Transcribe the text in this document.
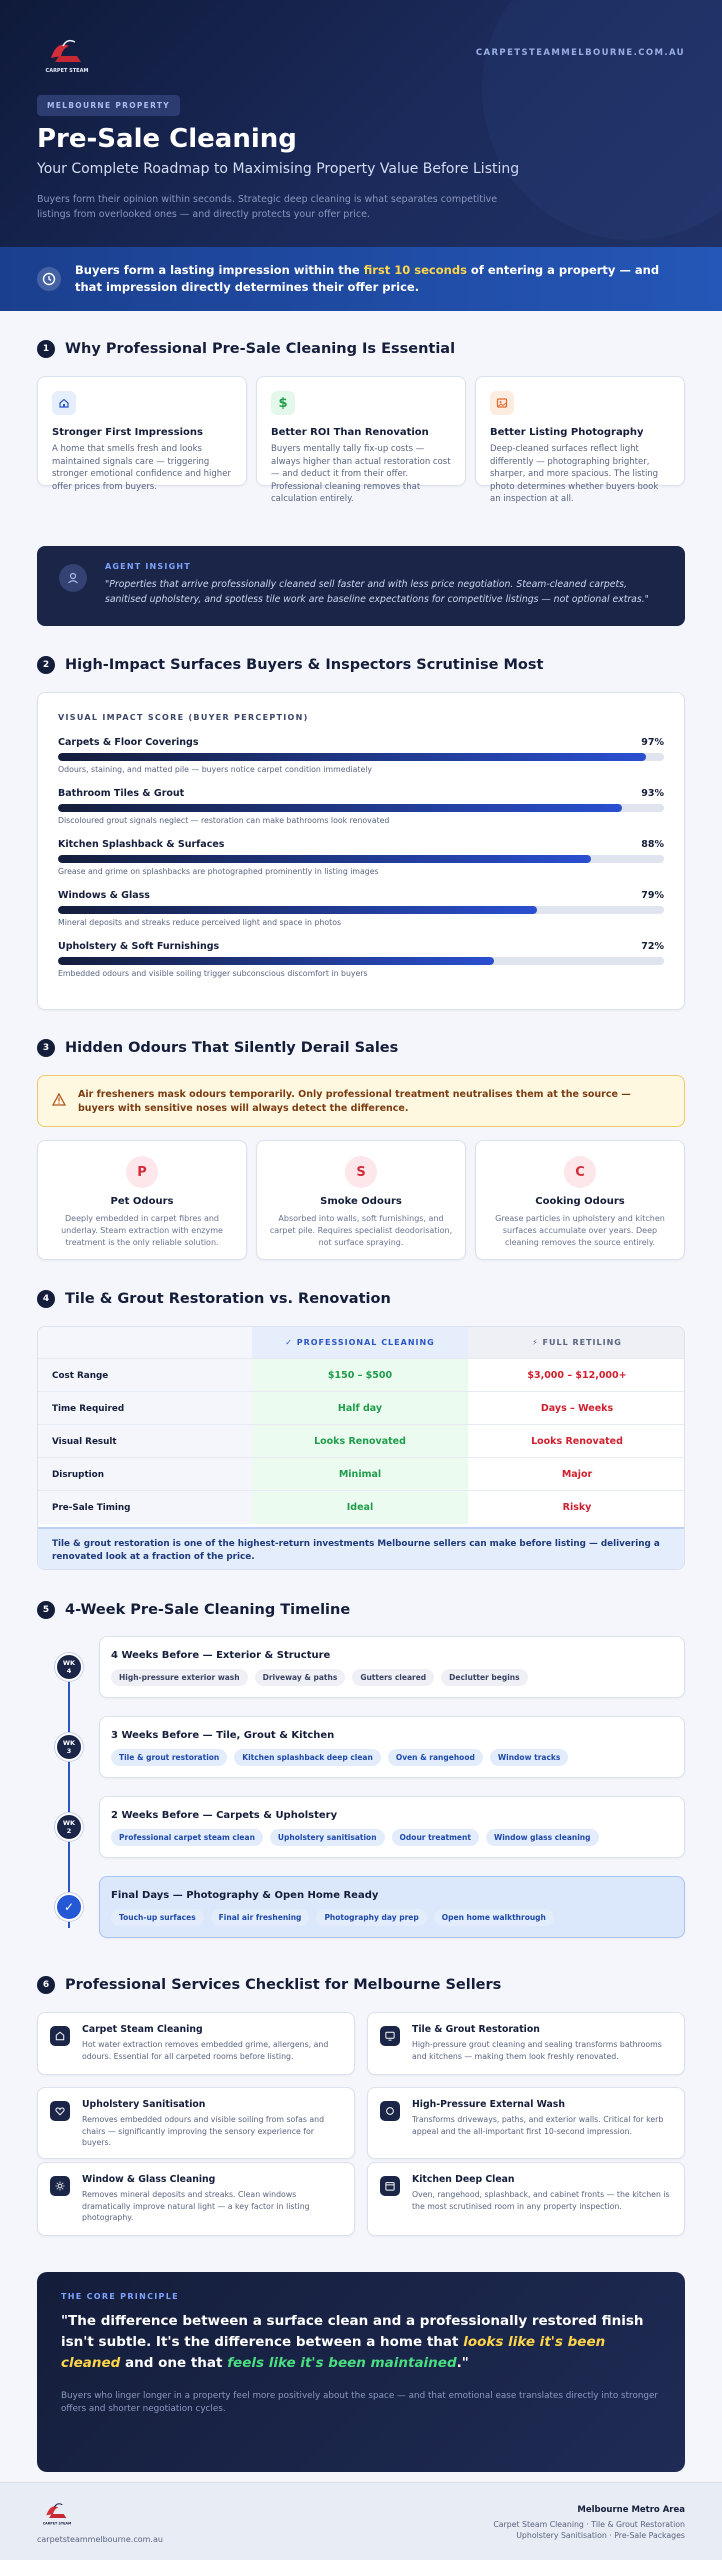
CARPET STEAM
CARPETSTEAMMELBOURNE.COM.AU
MELBOURNE PROPERTY
Pre-Sale Cleaning
Your Complete Roadmap to Maximising Property Value Before Listing
Buyers form their opinion within seconds. Strategic deep cleaning is what separates competitive listings from overlooked ones — and directly protects your offer price.
Buyers form a lasting impression within the first 10 seconds of entering a property — and that impression directly determines their offer price.
1	Why Professional Pre-Sale Cleaning Is Essential
Stronger First Impressions

A home that smells fresh and looks maintained signals care — triggering stronger emotional confidence and higher offer prices from buyers.

$
Better ROI Than Renovation

Buyers mentally tally fix-up costs — always higher than actual restoration cost — and deduct it from their offer. Professional cleaning removes that calculation entirely.

Better Listing Photography

Deep-cleaned surfaces reflect light differently — photographing brighter, sharper, and more spacious. The listing photo determines whether buyers book an inspection at all.

AGENT INSIGHT
"Properties that arrive professionally cleaned sell faster and with less price negotiation. Steam-cleaned carpets, sanitised upholstery, and spotless tile work are baseline expectations for competitive listings — not optional extras."
2	High-Impact Surfaces Buyers & Inspectors Scrutinise Most
VISUAL IMPACT SCORE (BUYER PERCEPTION)
Carpets & Floor Coverings	97%
Odours, staining, and matted pile — buyers notice carpet condition immediately
Bathroom Tiles & Grout	93%
Discoloured grout signals neglect — restoration can make bathrooms look renovated
Kitchen Splashback & Surfaces	88%
Grease and grime on splashbacks are photographed prominently in listing images
Windows & Glass	79%
Mineral deposits and streaks reduce perceived light and space in photos
Upholstery & Soft Furnishings	72%
Embedded odours and visible soiling trigger subconscious discomfort in buyers
3	Hidden Odours That Silently Derail Sales
Air fresheners mask odours temporarily. Only professional treatment neutralises them at the source — buyers with sensitive noses will always detect the difference.
P
Pet Odours

Deeply embedded in carpet fibres and underlay. Steam extraction with enzyme treatment is the only reliable solution.

S
Smoke Odours

Absorbed into walls, soft furnishings, and carpet pile. Requires specialist deodorisation, not surface spraying.

C
Cooking Odours

Grease particles in upholstery and kitchen surfaces accumulate over years. Deep cleaning removes the source entirely.

4	Tile & Grout Restoration vs. Renovation
✓ PROFESSIONAL CLEANING	⚡ FULL RETILING
Cost Range	$150 – $500	$3,000 – $12,000+
Time Required	Half day	Days – Weeks
Visual Result	Looks Renovated	Looks Renovated
Disruption	Minimal	Major
Pre-Sale Timing	Ideal	Risky
Tile & grout restoration is one of the highest-return investments Melbourne sellers can make before listing — delivering a renovated look at a fraction of the price.
5	4-Week Pre-Sale Cleaning Timeline
WK
4
4 Weeks Before — Exterior & Structure
High-pressure exterior wash	Driveway & paths	Gutters cleared	Declutter begins
WK
3
3 Weeks Before — Tile, Grout & Kitchen
Tile & grout restoration	Kitchen splashback deep clean	Oven & rangehood	Window tracks
WK
2
2 Weeks Before — Carpets & Upholstery
Professional carpet steam clean	Upholstery sanitisation	Odour treatment	Window glass cleaning
✓
Final Days — Photography & Open Home Ready
Touch-up surfaces	Final air freshening	Photography day prep	Open home walkthrough
6	Professional Services Checklist for Melbourne Sellers
Carpet Steam Cleaning

Hot water extraction removes embedded grime, allergens, and odours. Essential for all carpeted rooms before listing.

Tile & Grout Restoration

High-pressure grout cleaning and sealing transforms bathrooms and kitchens — making them look freshly renovated.

Upholstery Sanitisation

Removes embedded odours and visible soiling from sofas and chairs — significantly improving the sensory experience for buyers.

High-Pressure External Wash

Transforms driveways, paths, and exterior walls. Critical for kerb appeal and the all-important first 10-second impression.

Window & Glass Cleaning

Removes mineral deposits and streaks. Clean windows dramatically improve natural light — a key factor in listing photography.

Kitchen Deep Clean

Oven, rangehood, splashback, and cabinet fronts — the kitchen is the most scrutinised room in any property inspection.

THE CORE PRINCIPLE
"The difference between a surface clean and a professionally restored finish isn't subtle. It's the difference between a home that looks like it's been cleaned and one that feels like it's been maintained."
Buyers who linger longer in a property feel more positively about the space — and that emotional ease translates directly into stronger offers and shorter negotiation cycles.
CARPET STEAM
carpetsteammelbourne.com.au
Melbourne Metro Area
Carpet Steam Cleaning · Tile & Grout Restoration
Upholstery Sanitisation · Pre-Sale Packages
